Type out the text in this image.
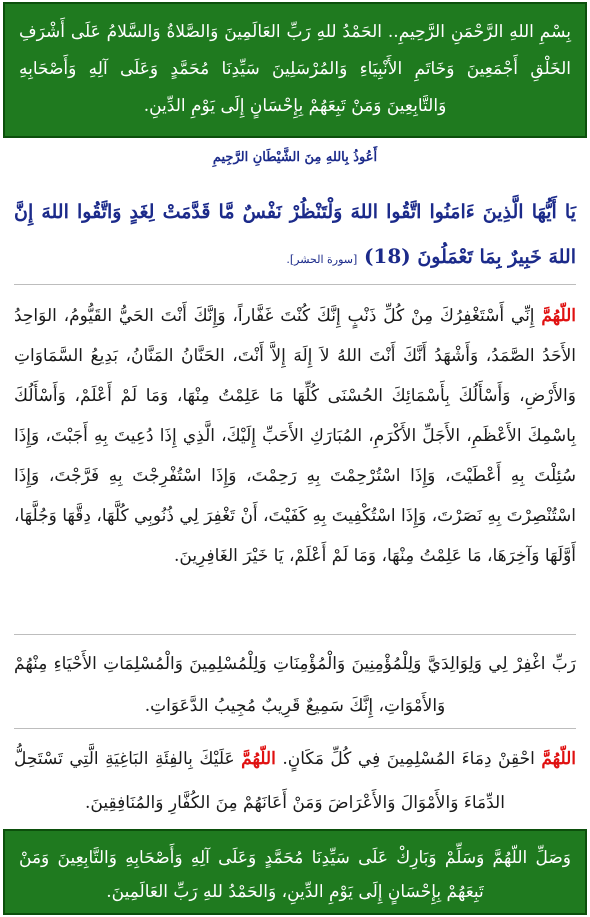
بِسْمِ اللهِ الرَّحْمَنِ الرَّحِيمِ.. الحَمْدُ للهِ رَبِّ العَالَمِينَ وَالصَّلاةُ وَالسَّلامُ عَلَى أَشْرَفِ الخَلْقِ أَجْمَعِينَ وَخَاتَمِ الأَنْبِيَاءِ وَالمُرْسَلِينَ سَيِّدِنَا مُحَمَّدٍ وَعَلَى آلِهِ وَأَصْحَابِهِ وَالتَّابِعِينَ وَمَنْ تَبِعَهُمْ بِإِحْسَانٍ إِلَى يَوْمِ الدِّينِ.
أَعُوذُ بِاللهِ مِنَ الشَّيْطَانِ الرَّجِيمِ
يَا أَيُّهَا الَّذِينَ ءَامَنُوا اتَّقُوا اللهَ وَلْتَنْظُرْ نَفْسٌ مَّا قَدَّمَتْ لِغَدٍ وَاتَّقُوا اللهَ إِنَّ اللهَ خَبِيرٌ بِمَا تَعْمَلُونَ (18) [سورة الحشر].
اللّهُمَّ إِنِّي أَسْتَغْفِرُكَ مِنْ كُلِّ ذَنْبٍ إِنَّكَ كُنْتَ غَفَّاراً، وَإِنَّكَ أَنْتَ الحَيُّ القَيُّومُ، الوَاحِدُ الأَحَدُ الصَّمَدُ، وَأَشْهَدُ أَنَّكَ أَنْتَ اللهُ لاَ إِلَهَ إِلاَّ أَنْتَ، الحَنَّانُ المَنَّانُ، بَدِيعُ السَّمَاوَاتِ وَالأَرْضِ، وَأَسْأَلُكَ بِأَسْمَائِكَ الحُسْنَى كُلِّهَا مَا عَلِمْتُ مِنْهَا، وَمَا لَمْ أَعْلَمْ، وَأَسْأَلُكَ بِاسْمِكَ الأَعْظَمِ، الأَجَلِّ الأَكْرَمِ، المُبَارَكِ الأَحَبِّ إِلَيْكَ، الَّذِي إِذَا دُعِيتَ بِهِ أَجَبْتَ، وَإِذَا سُئِلْتَ بِهِ أَعْطَيْتَ، وَإِذَا اسْتُرْحِمْتَ بِهِ رَحِمْتَ، وَإِذَا اسْتُفْرِجْتَ بِهِ فَرَّجْتَ، وَإِذَا اسْتُنْصِرْتَ بِهِ نَصَرْتَ، وَإِذَا اسْتُكْفِيتَ بِهِ كَفَيْتَ، أَنْ تَغْفِرَ لِي ذُنُوبِي كُلَّهَا، دِقَّهَا وَجُلَّهَا، أَوَّلَهَا وَآخِرَهَا، مَا عَلِمْتُ مِنْهَا، وَمَا لَمْ أَعْلَمْ، يَا خَيْرَ الغَافِرِينَ.
رَبِّ اغْفِرْ لِي وَلِوَالِدَيَّ وَلِلْمُؤْمِنِينَ وَالْمُؤْمِنَاتِ وَلِلْمُسْلِمِينَ وَالْمُسْلِمَاتِ الأَحْيَاءِ مِنْهُمْ وَالأَمْوَاتِ، إِنَّكَ سَمِيعٌ قَرِيبٌ مُجِيبُ الدَّعَوَاتِ.
اللّهُمَّ احْقِنْ دِمَاءَ المُسْلِمِينَ فِي كُلِّ مَكَانٍ. اللّهُمَّ عَلَيْكَ بِالفِئَةِ البَاغِيَةِ الَّتِي تَسْتَحِلُّ الدِّمَاءَ وَالأَمْوَالَ وَالأَعْرَاضَ وَمَنْ أَعَانَهُمْ مِنَ الكُفَّارِ وَالمُنَافِقِينَ.
وَصَلِّ اللّهُمَّ وَسَلِّمْ وَبَارِكْ عَلَى سَيِّدِنَا مُحَمَّدٍ وَعَلَى آلِهِ وَأَصْحَابِهِ وَالتَّابِعِينَ وَمَنْ تَبِعَهُمْ بِإِحْسَانٍ إِلَى يَوْمِ الدِّينِ، وَالحَمْدُ للهِ رَبِّ العَالَمِينَ.
